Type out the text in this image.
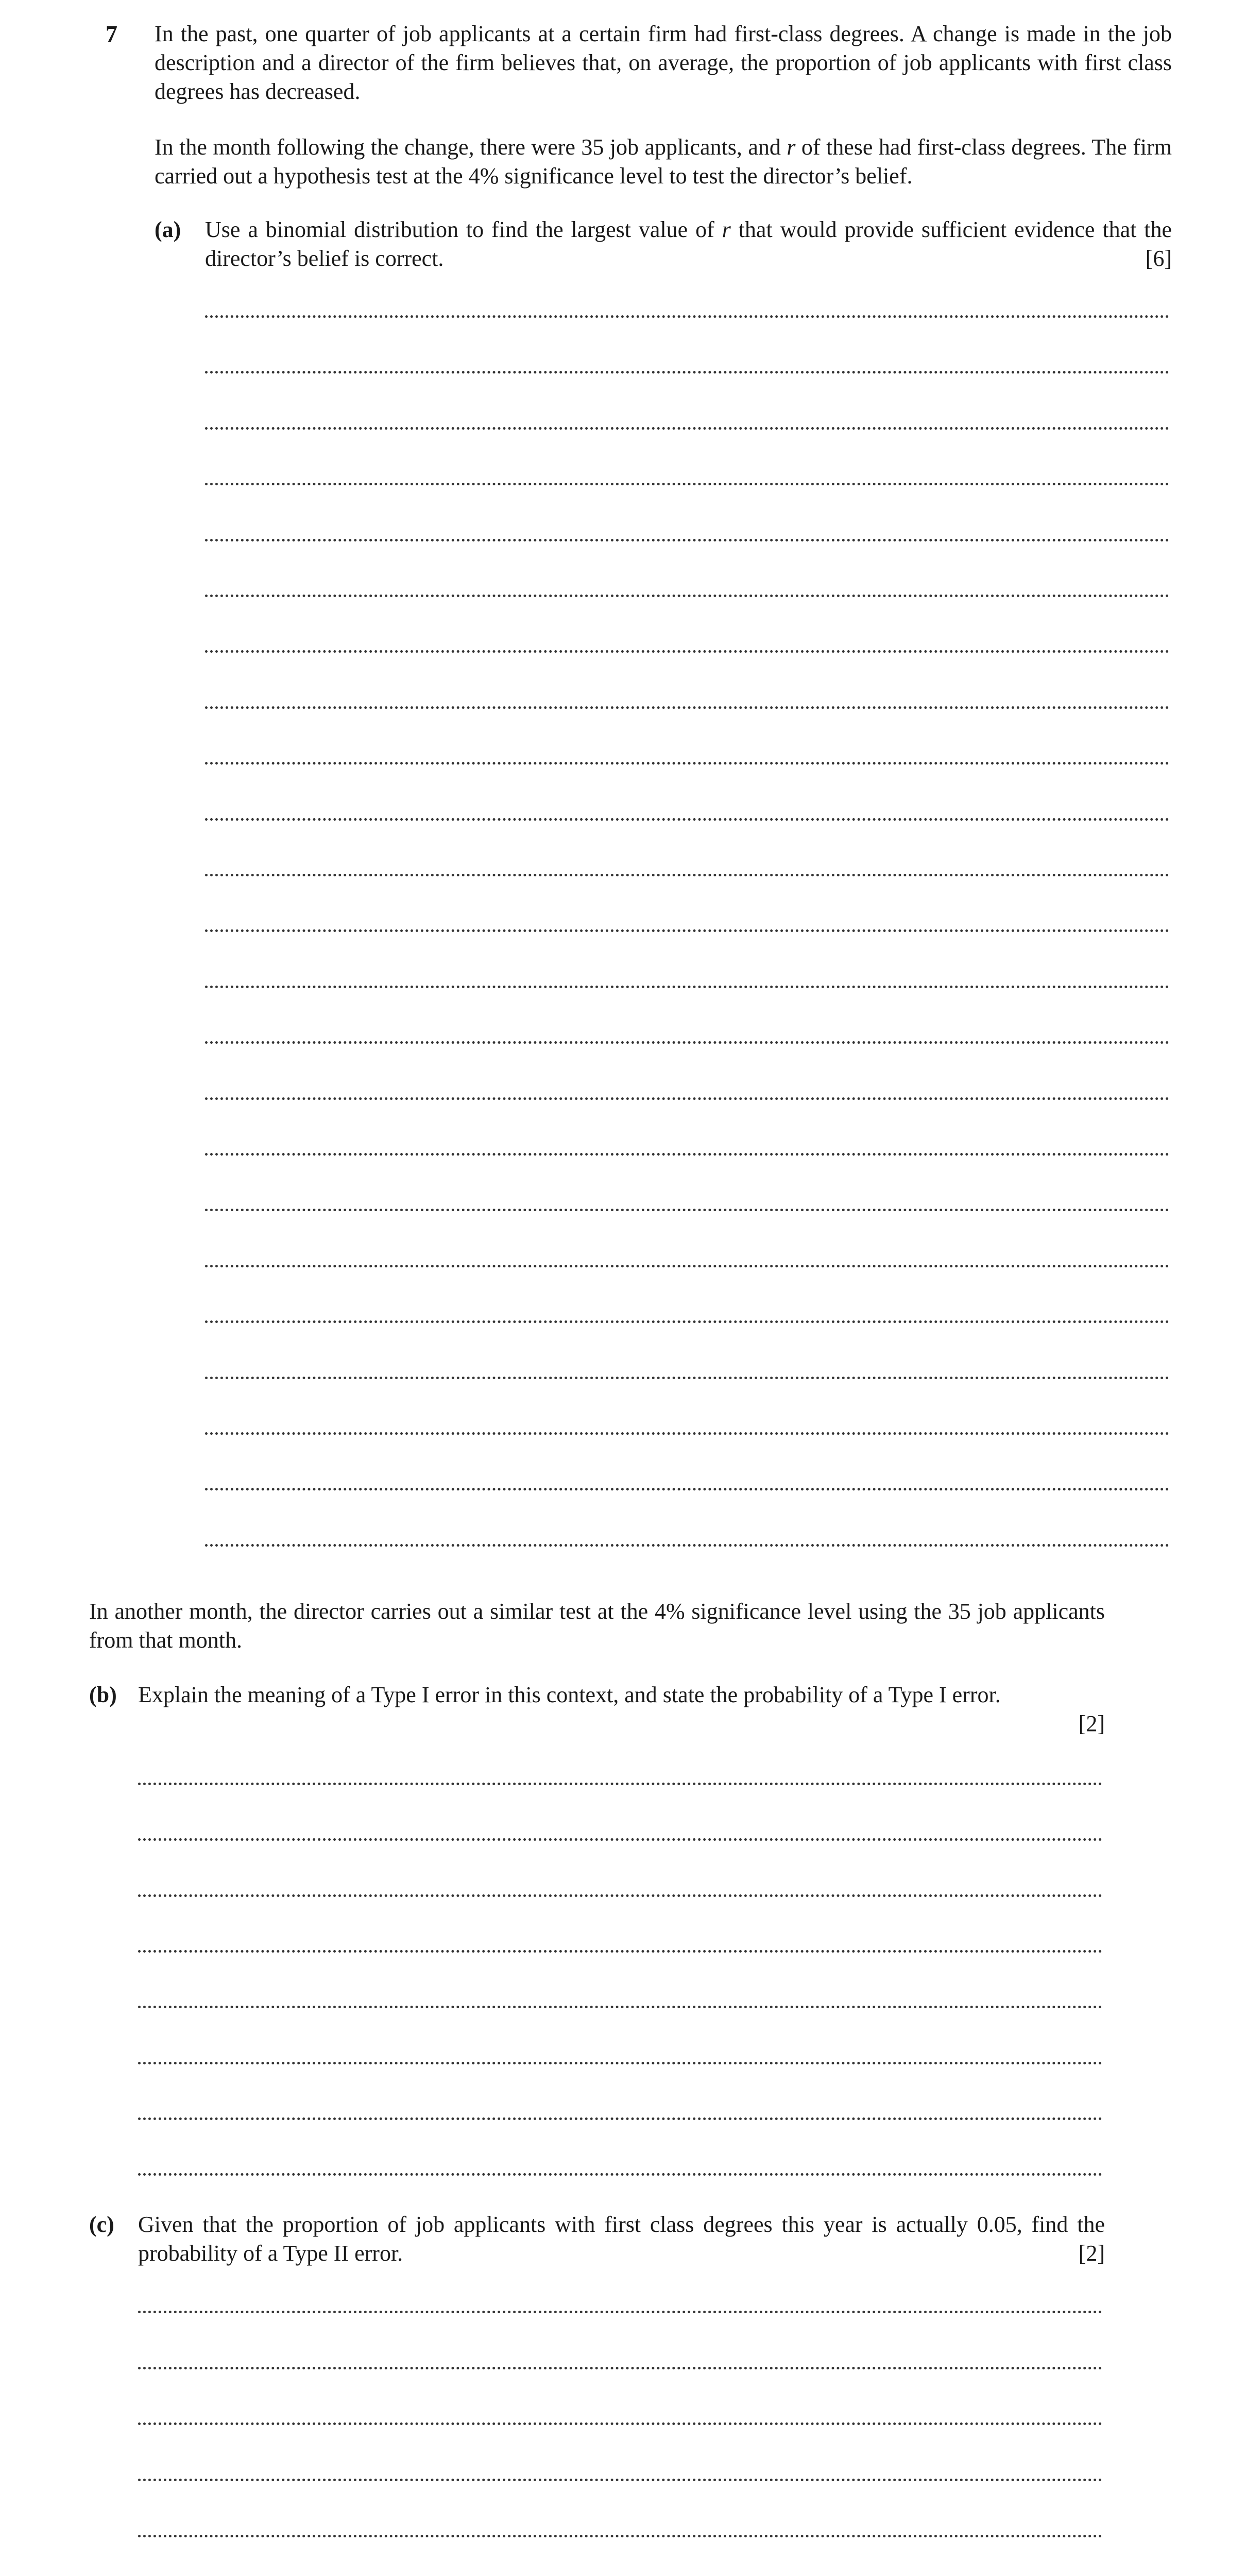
7 In the past, one quarter of job applicants at a certain firm had first-class degrees. A change is made in the job description and a director of the firm believes that, on average, the proportion of job applicants with first class degrees has decreased.

In the month following the change, there were 35 job applicants, and r of these had first-class degrees. The firm carried out a hypothesis test at the 4% significance level to test the director’s belief.

(a) Use a binomial distribution to find the largest value of r that would provide sufficient evidence that the director’s belief is correct.	[6]

In another month, the director carries out a similar test at the 4% significance level using the 35 job applicants from that month.

(b) Explain the meaning of a Type I error in this context, and state the probability of a Type I error.

[2]
(c) Given that the proportion of job applicants with first class degrees this year is actually 0.05, find the probability of a Type II error.	[2]
